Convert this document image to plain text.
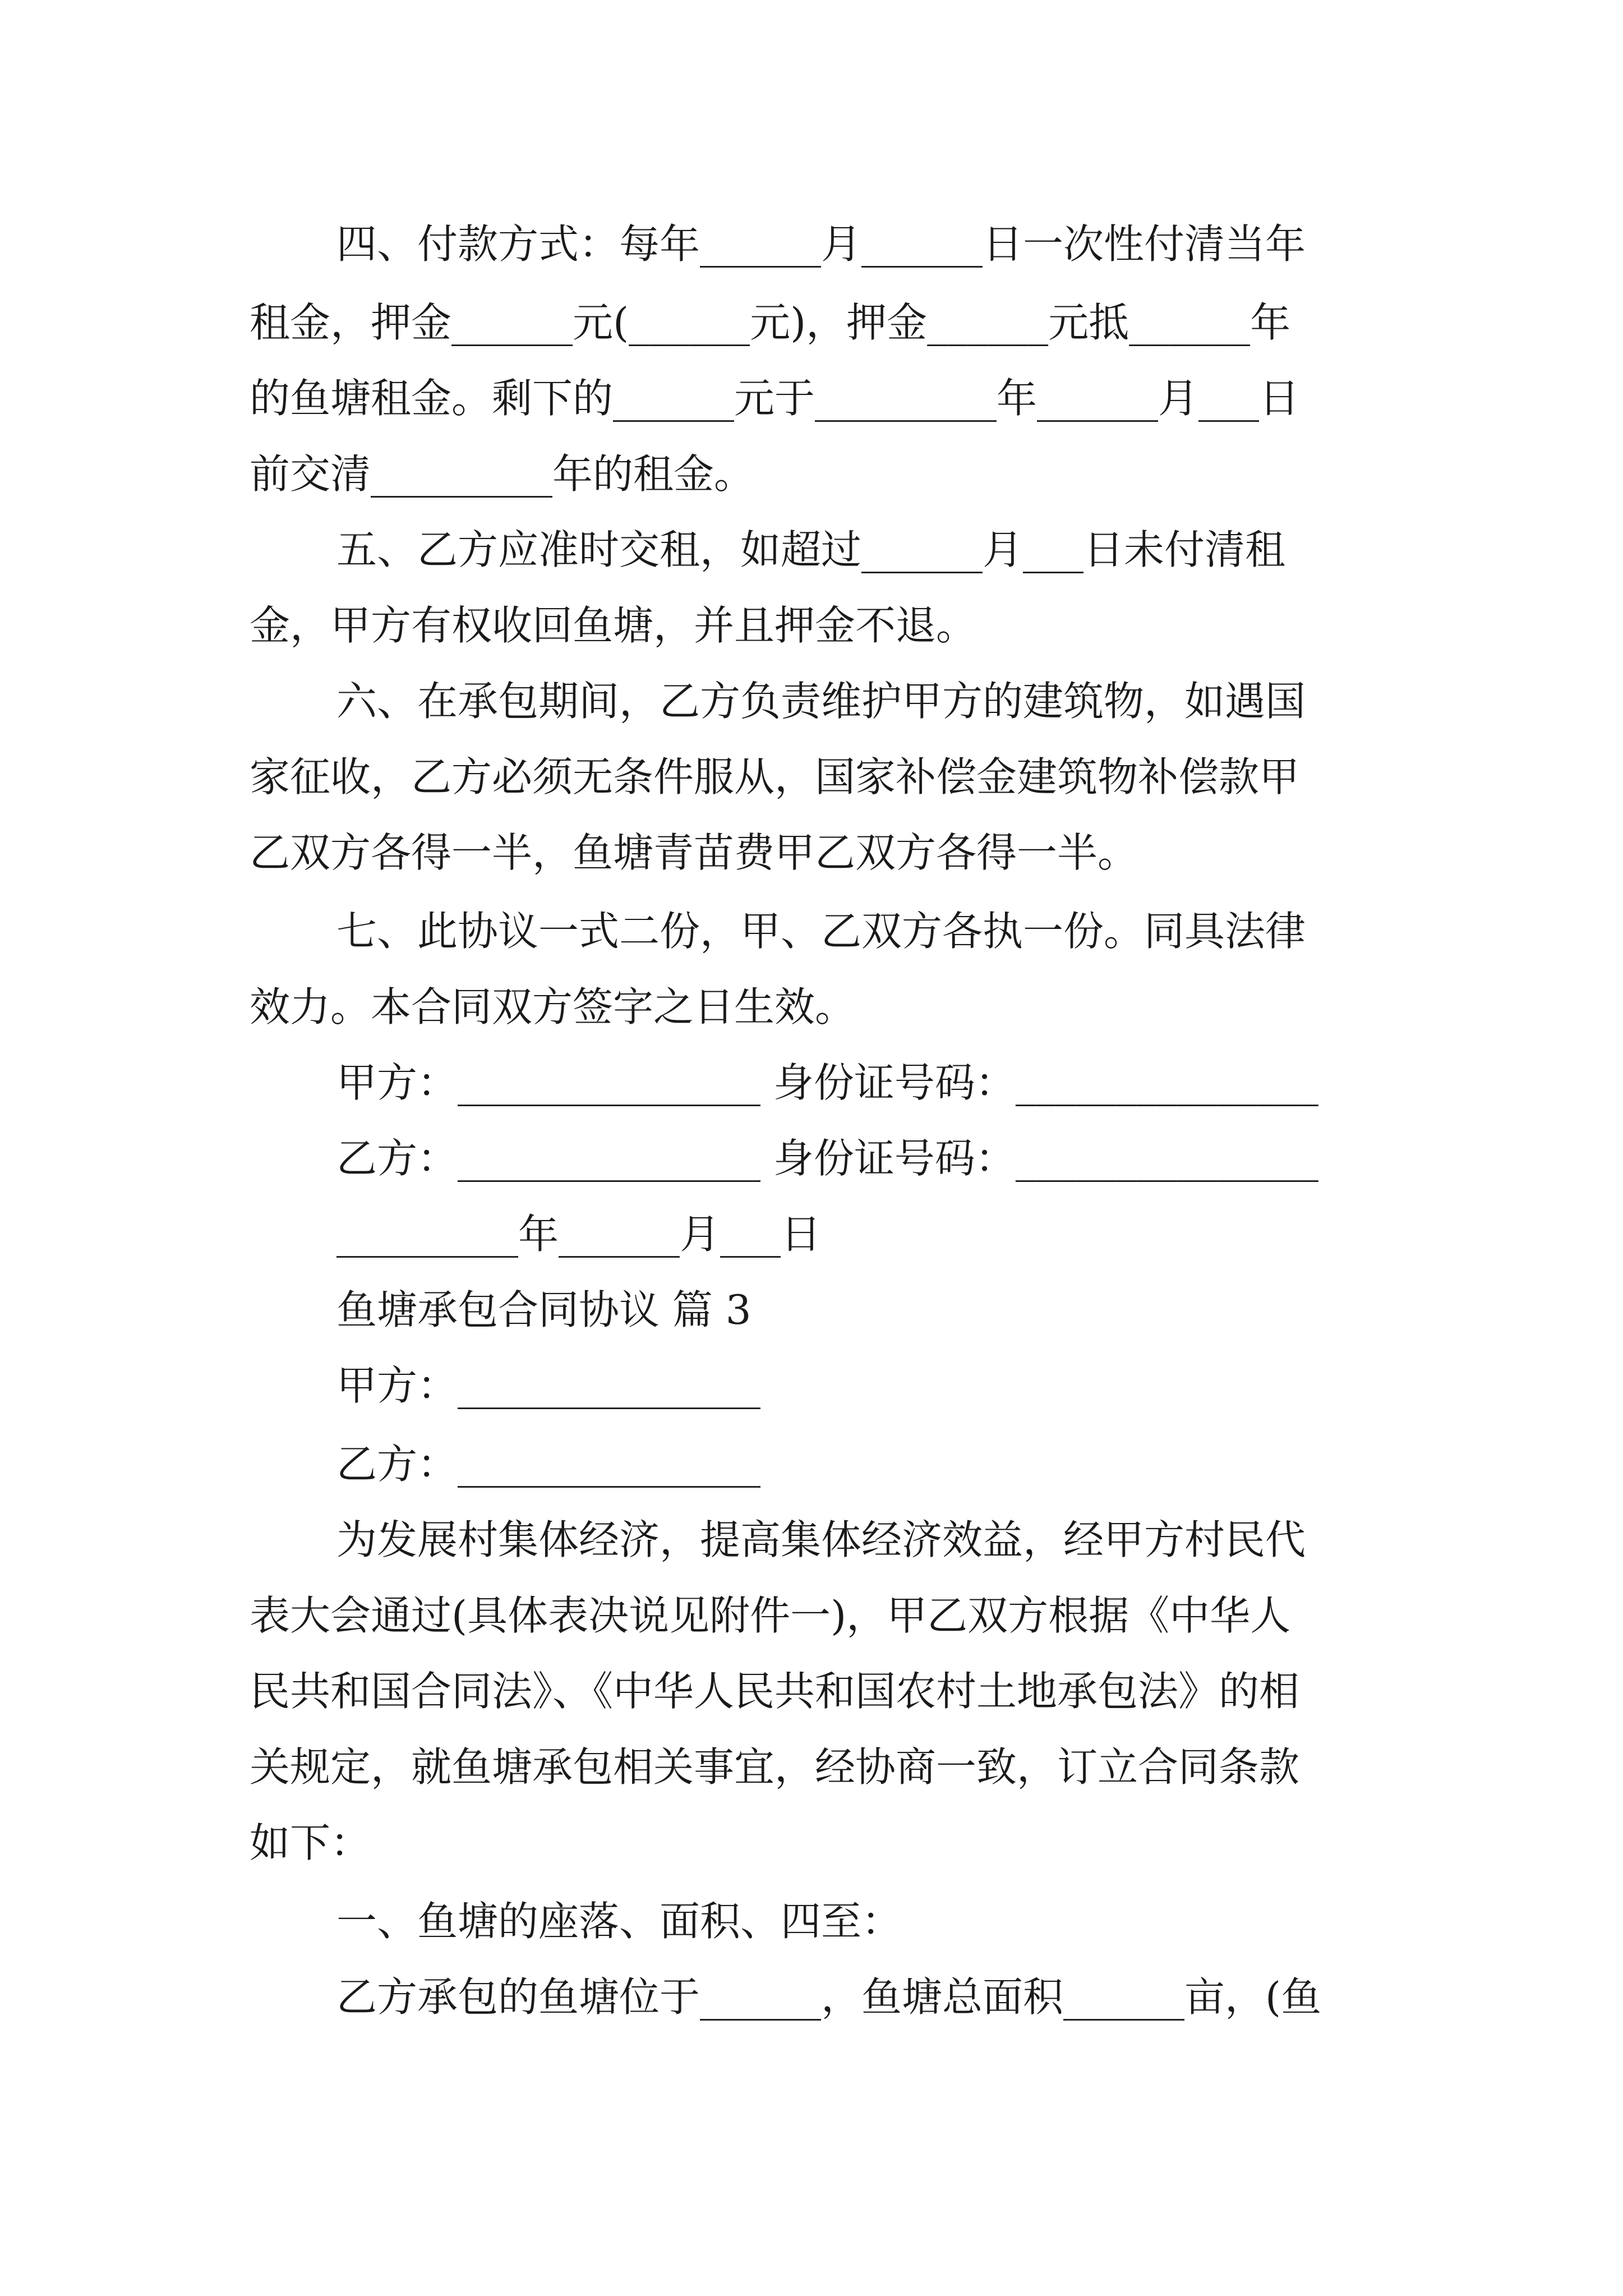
四、付款方式：每年______月______日一次性付清当年
租金，押金______元(______元)，押金______元抵______年
的鱼塘租金。剩下的______元于_________年______月___日
前交清_________年的租金。
五、乙方应准时交租，如超过______月___日未付清租
金，甲方有权收回鱼塘，并且押金不退。
六、在承包期间，乙方负责维护甲方的建筑物，如遇国
家征收，乙方必须无条件服从，国家补偿金建筑物补偿款甲
乙双方各得一半，鱼塘青苗费甲乙双方各得一半。
七、此协议一式二份，甲、乙双方各执一份。同具法律
效力。本合同双方签字之日生效。
甲方：_______________ 身份证号码：_______________
乙方：_______________ 身份证号码：_______________
_________年______月___日
鱼塘承包合同协议 篇 3
甲方：_______________
乙方：_______________
为发展村集体经济，提高集体经济效益，经甲方村民代
表大会通过(具体表决说见附件一)，甲乙双方根据《中华人
民共和国合同法》、《中华人民共和国农村土地承包法》的相
关规定，就鱼塘承包相关事宜，经协商一致，订立合同条款
如下：
一、鱼塘的座落、面积、四至：
乙方承包的鱼塘位于______，鱼塘总面积______亩，(鱼
